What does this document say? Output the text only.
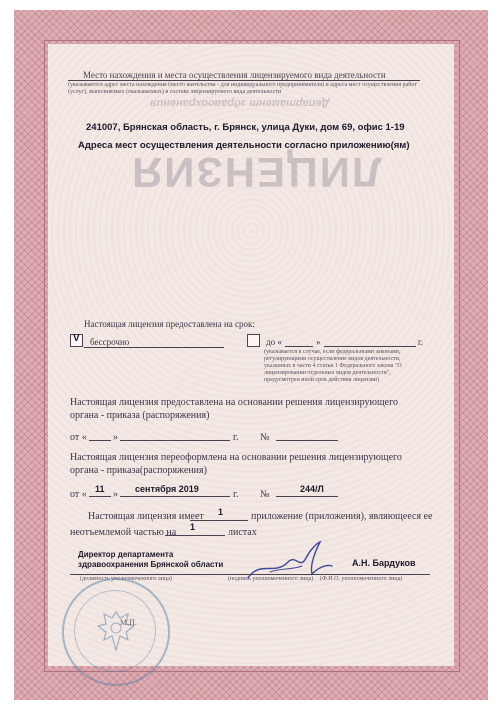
Департамент здравоохранения
ЛИЦЕНЗИЯ
Место нахождения и места осуществления лицензируемого вида деятельности
(указываются адрес места нахождения (место жительства - для индивидуального предпринимателя) и адреса мест осуществления работ (услуг), выполняемых (оказываемых) в составе лицензируемого вида деятельности
241007, Брянская область, г. Брянск, улица Дуки, дом 69, офис 1-19
Адреса мест осуществления деятельности согласно приложению(ям)
Настоящая лицензия предоставлена на срок:
V бессрочно	до «	»	г.
(указывается в случае, если федеральными законами, регулирующими осуществление видов деятельности, указанных в части 4 статьи 1 Федерального закона "О лицензировании отдельных видов деятельности", предусмотрен иной срок действия лицензии)
Настоящая лицензия предоставлена на основании решения лицензирующего
органа - приказа (распоряжения)
от «	»	г. №
Настоящая лицензия переоформлена на основании решения лицензирующего
органа - приказа(распоряжения)
от « 11 » сентября 2019	г. №	244/Л
Настоящая лицензия имеет 1	приложение (приложения), являющееся ее
неотъемлемой частью на 1	листах
Директор департамента
здравоохранения Брянской области	А.Н. Бардуков
(должность уполномоченного лица)	(подпись уполномоченного лица) (Ф.И.О. уполномоченного лица)
М.П.
